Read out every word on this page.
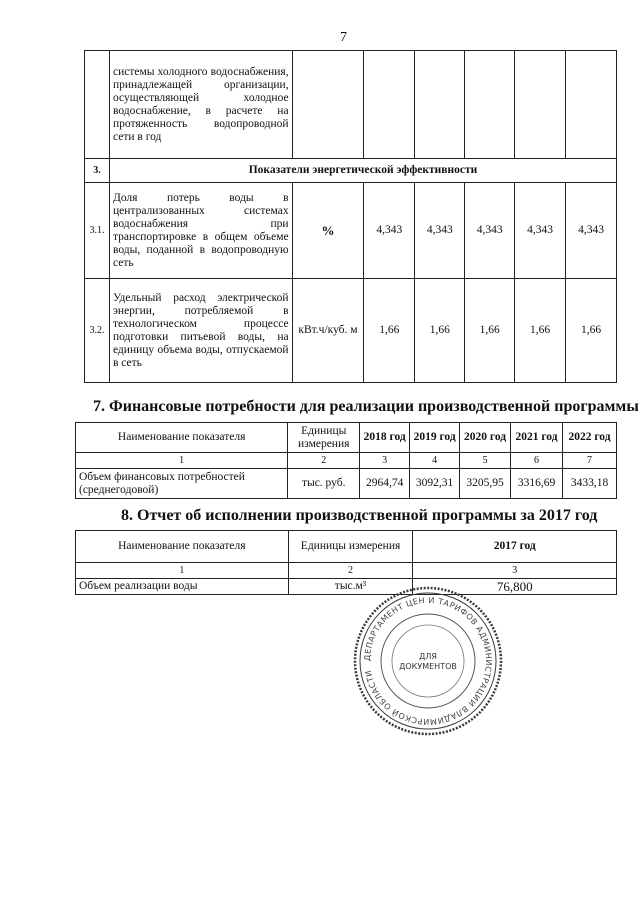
7
	системы холодного водоснабжения, принадлежащей организации, осуществляющей холодное водоснабжение, в расчете на протяженность водопроводной сети в год						
3.	Показатели энергетической эффективности						
3.1.	Доля потерь воды в централизованных системах водоснабжения при транспортировке в общем объеме воды, поданной в водопроводную сеть	%	4,343	4,343	4,343	4,343	4,343
3.2.	Удельный расход электрической энергии, потребляемой в технологическом процессе подготовки питьевой воды, на единицу объема воды, отпускаемой в сеть	кВт.ч/куб. м	1,66	1,66	1,66	1,66	1,66
7. Финансовые потребности для реализации производственной программы
Наименование показателя	Единицы измерения	2018 год	2019 год	2020 год	2021 год	2022 год
1	2	3	4	5	6	7
Объем финансовых потребностей (среднегодовой)	тыс. руб.	2964,74	3092,31	3205,95	3316,69	3433,18
8. Отчет об исполнении производственной программы за 2017 год
Наименование показателя	Единицы измерения	2017 год
1	2	3
Объем реализации воды	тыс.м³	76,800
ДЕПАРТАМЕНТ ЦЕН И ТАРИФОВ АДМИНИСТРАЦИИ ВЛАДИМИРСКОЙ ОБЛАСТИ
ДЛЯ
ДОКУМЕНТОВ
